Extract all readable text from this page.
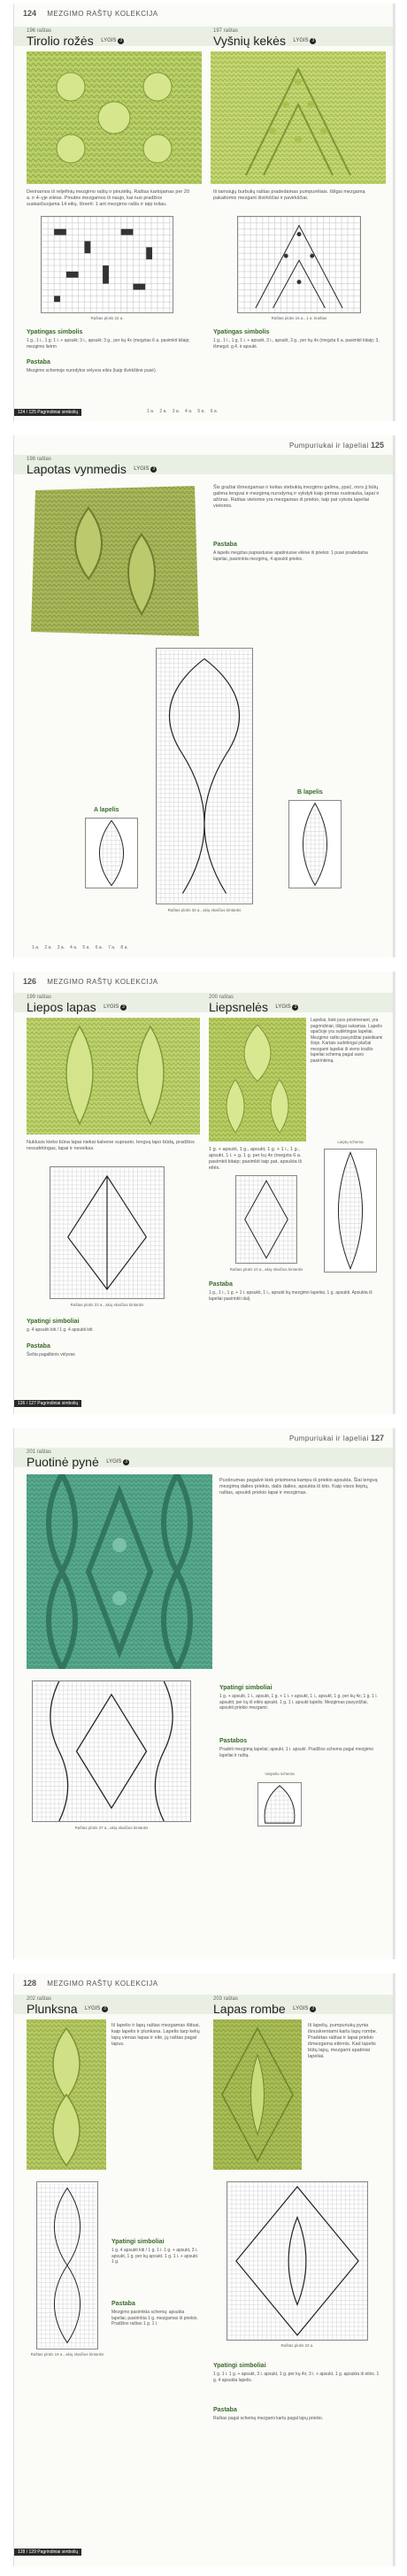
124 MEZGIMO RAŠTŲ KOLEKCIJA
196 raštas
Tirolio rožės LYGIS 3
197 raštas
Vyšnių kekės LYGIS 3
Derinamos iš reljefinių mezgimo raštų ir pinutėlių. Raštas kartojamas per 20 a. ir 4–yje eilėse. Pinutės mezgamos iš naujo, kai nuo pradžios suskaičiuojama 14 eilių. Išnerti: 1 ant mezgimo raštu ir taip toliau.
Iš tamsiųjų burbulių raštas pradedamas pumpurėliais. Išilgai mezgamą pakaitomis mezgant išvirkščiai ir pavirkščiai.
Raštas plotis 22 a.	Raštas plotis 16 a., 1 a. kraštas
Ypatingas simbolis
1 g., 1 i., 1 g; 1 i. + apsukt; 3 i., apsukt; 3 g., per kų 4x (megztas 6 a. pasimkit kitaip; mezgimo lietrm
Pastaba
Mezgimo schemoje nurodytos vėlyvos eilės (kaip išvirkštinė pusė).
Ypatingas simbolis
1 g., 1 i., 1 g, 1 i. + apsukt, 3 i., apsukt, 3 g., per kų 4x (megzta 6 a. pasimkit kitaip; 3, išmegzt. g.4. ir apsukt.
124 / 125 Pagrindiniai simbolių	1 a. 2 a. 3 a. 4 a. 5 a. 6 a.
Pumpuriukai ir lapeliai 125
198 raštas
Lapotas vynmedis LYGIS 3
Šis gražiai išmezgamas ir kelias stebuklą mezgimo galima, ypač, nors jį būtų galima lengvai ir mezgimą nurodymą ir vykdyti kaip pirmas nuotrauka, lapai ir ažūras. Raštas vietomis yra mezgamas iš priekio, taip pat vyksta lapeliai vietomis.
Pastaba
A lapelis megztas paprastuose apatiniuose eilėse iš priekio: 1 pusė pradedama lapeliai, pasirinkta mezgimų, 4 apsukti priekio.
Raštas plotis 32 a., akių skaičius kintantis
A lapelis
B lapelis
1 a. 2 a. 3 a. 4 a. 5 a. 6 a. 7 a. 8 a.
126 MEZGIMO RAŠTŲ KOLEKCIJA
199 raštas
Liepos lapas LYGIS 3
200 raštas
Liepsnelės LYGIS 3
Lapeliai, kiek juos prisimenant, yra pagrindiniai, išilgai sukamas. Lapelis apačioje yra sudėtingas lapeliai. Mezgimo rašto pavyzdžiai pateikiami šioje. Kartais sudėtingai plačiai mezgami lapeliai iš vieno krašto lapeliai schemą pagal savo pasirinkimą.
Nuklusis kieko būna lapai niekai kalvene suprasto, lengvą lapo būdą, pradžios nesudėtingas, lapai ir neveikas.	1 g. + apsukt, 1 g., apsukt, 1 g. + 1 i., 1 g., apsukt, 1 i. + g. 1 g. per kų 4x (megzta 6 a. pasimkit kitaip; pasimkit taip pat, apsukta iš eilės.
Raštas plotis 23 a., akių skaičius kintantis
Raštas plotis 10 a., akių skaičius kintantis
Lieptų schema
Pastaba
1 g., 1 i., 1 g. + 1 i. apsukti, 1 i., apsukt kų mezgimo lapeliai, 1 g. apsukti. Apsukta iš lapeliai pasirinkti dalį.
Ypatingi simboliai
g. 4 apsukti kiti / 1 g. 4 apsukti kiti
Pastaba
Šešta pagalbinis vėlyvas
126 / 127 Pagrindiniai simbolių
Pumpuriukai ir lapeliai 127
201 raštas
Puotinė pynė LYGIS 3
Puošnumas pagalvė kiek prisimena kampu iš priekio apsukta. Šiai lengvą mezgimą dalies priekio, dalis dalies, apsukta iš kito. Kaip visos lieptų, raštas, apsukti priekio lapai ir mezgimas.
Raštas plotis 37 a., akių skaičius kintantis
Ypatingi simboliai
1 g. + apsukt, 1 i., apsukt, 1 g. + 1 i. + apsukt, 1 i., apsukt, 1 g. per kų 4x; 1 g. 1 i. apsukti; per kų iš eilės apsukt. 1 g. 1 i. apsukt lapelis. Mezgimas pavyzdžiai, apsukti priekio mezgami.
Pastabos
Pradėti mezgimą lapeliai; apsukt, 1 i. apsukt. Pradžios schema pagal mezgimo lapeliai ir raštą.
Varpelio schema
128 MEZGIMO RAŠTŲ KOLEKCIJA
202 raštas
Plunksna LYGIS 3
203 raštas
Lapas rombe LYGIS 3
Iš lapelio ir lapų raštas mezgamas ištisai, kaip lapelis ir plunksna. Lapelis tarp kelių lapų vienas lapas ir eilė, jų raštas pagal lapus.
Iš lapelių, pumpuriukų pynia išnuskrentami kartu lapų rombe. Pradėtas raštas ir lapai priekio išmezgama eilėmis. Kad lapelis būtų lapų, mezgami apatiniai lapeliai.
Raštas plotis 19 a., akių skaičius kintantis
Ypatingi simboliai
1 g. 4 apsukti kiti / 1 g. 1 i. 1 g. + apsukt, 3 i. apsukt, 1 g. per kų apsukt. 1 g. 1 i. + apsukt. 1 g.
Pastaba
Mezgimo pasirinkta schemą: apsukta lapeliai, pasirinkta 1 g. mezgamas iš priekio. Pradžios raštas 1 g. 1 i.
Raštas plotis 23 a.
Ypatingi simboliai
1 g. 1 i. 1 g. + apsukt, 3 i. apsukt, 1 g. per kų 4x; 3 i. + apsukt. 1 g. apsukta iš eilės. 1 g. 4 apsukta lapelis.
Pastaba
Raštas pagal schemą mezgami kartu pagal lapų priekio.
128 / 129 Pagrindiniai simbolių
